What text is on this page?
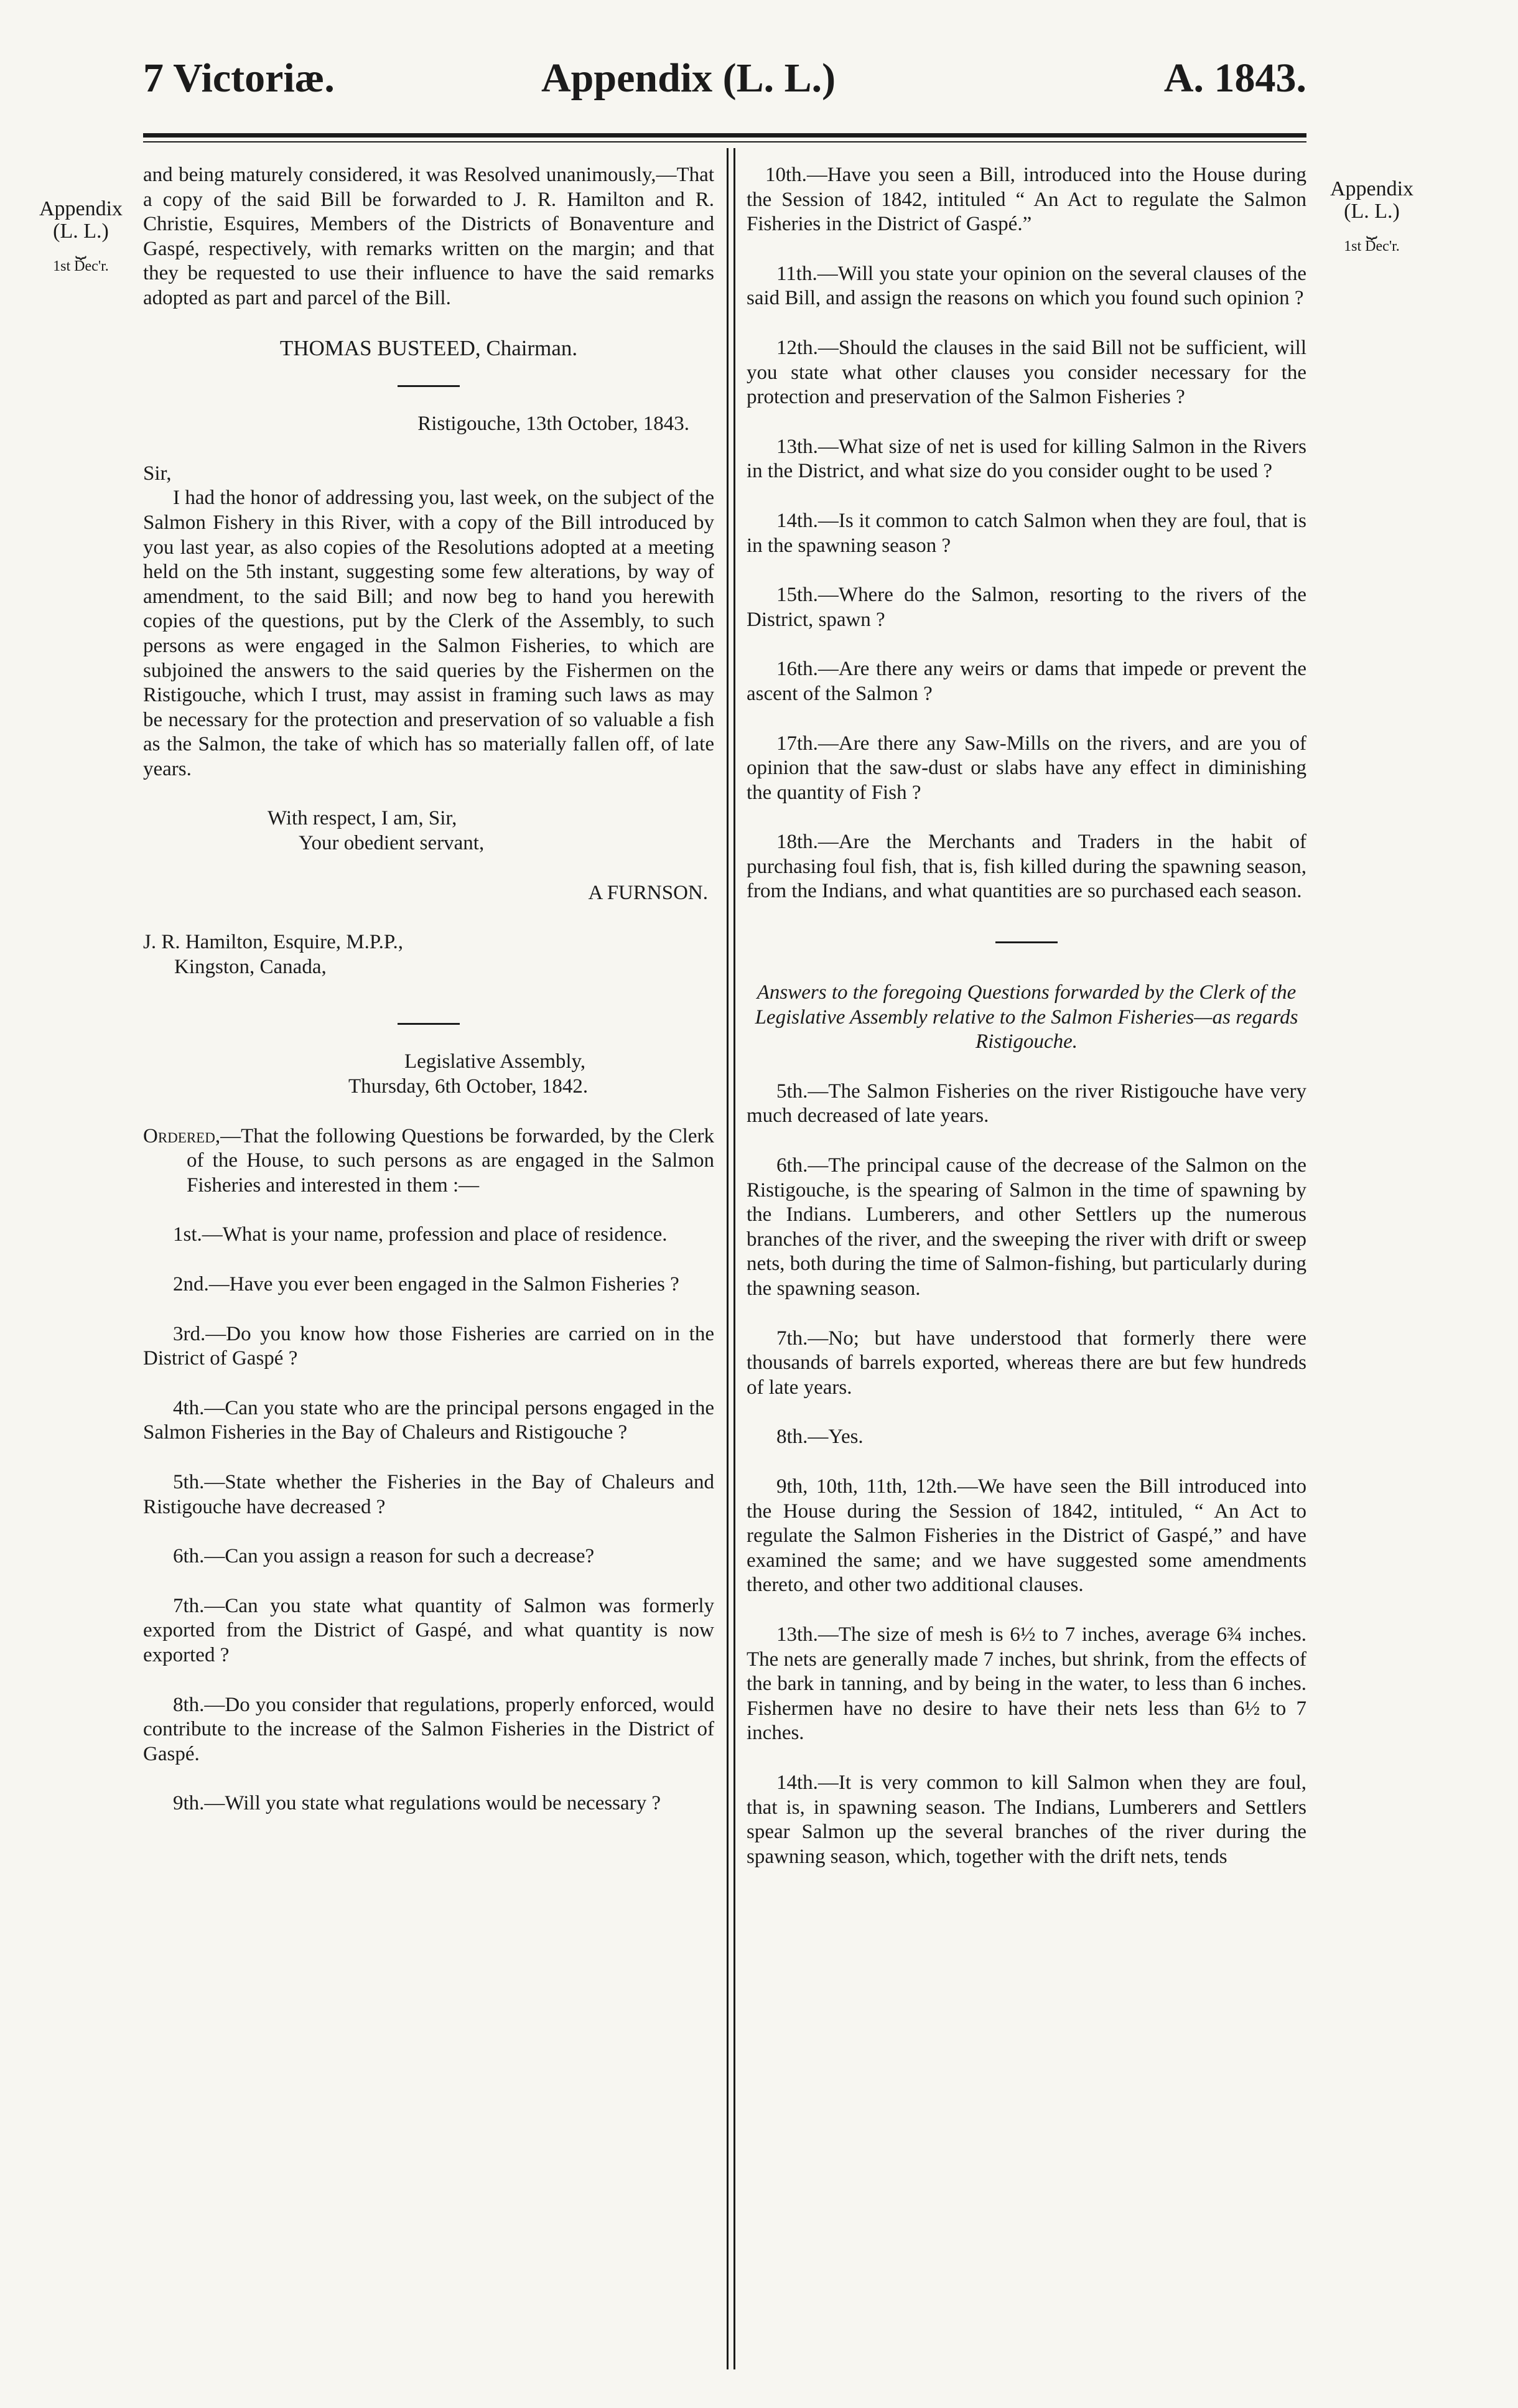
7 Victoriæ.	Appendix (L. L.)	A. 1843.
Appendix
(L. L.)
⏟
1st Dec'r.
Appendix
(L. L.)
⏟
1st Dec'r.

and being maturely considered, it was Resolved unanimously,—That a copy of the said Bill be forwarded to J. R. Hamilton and R. Christie, Esquires, Members of the Districts of Bonaventure and Gaspé, respectively, with remarks written on the margin; and that they be requested to use their influence to have the said remarks adopted as part and parcel of the Bill.

THOMAS BUSTEED, Chairman.

Ristigouche, 13th October, 1843.

Sir,

I had the honor of addressing you, last week, on the subject of the Salmon Fishery in this River, with a copy of the Bill introduced by you last year, as also copies of the Resolutions adopted at a meeting held on the 5th instant, suggesting some few alterations, by way of amendment, to the said Bill; and now beg to hand you herewith copies of the questions, put by the Clerk of the Assembly, to such persons as were engaged in the Salmon Fisheries, to which are subjoined the answers to the said queries by the Fishermen on the Ristigouche, which I trust, may assist in framing such laws as may be necessary for the protection and preservation of so valuable a fish as the Salmon, the take of which has so materially fallen off, of late years.

With respect, I am, Sir,

Your obedient servant,

A FURNSON.

J. R. Hamilton, Esquire, M.P.P.,

Kingston, Canada,

Legislative Assembly,

Thursday, 6th October, 1842.

Ordered,—That the following Questions be forwarded, by the Clerk of the House, to such persons as are engaged in the Salmon Fisheries and interested in them :—

1st.—What is your name, profession and place of residence.

2nd.—Have you ever been engaged in the Salmon Fisheries ?

3rd.—Do you know how those Fisheries are carried on in the District of Gaspé ?

4th.—Can you state who are the principal persons engaged in the Salmon Fisheries in the Bay of Chaleurs and Ristigouche ?

5th.—State whether the Fisheries in the Bay of Chaleurs and Ristigouche have decreased ?

6th.—Can you assign a reason for such a decrease?

7th.—Can you state what quantity of Salmon was formerly exported from the District of Gaspé, and what quantity is now exported ?

8th.—Do you consider that regulations, properly enforced, would contribute to the increase of the Salmon Fisheries in the District of Gaspé.

9th.—Will you state what regulations would be necessary ?

10th.—Have you seen a Bill, introduced into the House during the Session of 1842, intituled “ An Act to regulate the Salmon Fisheries in the District of Gaspé.”

11th.—Will you state your opinion on the several clauses of the said Bill, and assign the reasons on which you found such opinion ?

12th.—Should the clauses in the said Bill not be sufficient, will you state what other clauses you consider necessary for the protection and preservation of the Salmon Fisheries ?

13th.—What size of net is used for killing Salmon in the Rivers in the District, and what size do you consider ought to be used ?

14th.—Is it common to catch Salmon when they are foul, that is in the spawning season ?

15th.—Where do the Salmon, resorting to the rivers of the District, spawn ?

16th.—Are there any weirs or dams that impede or prevent the ascent of the Salmon ?

17th.—Are there any Saw-Mills on the rivers, and are you of opinion that the saw-dust or slabs have any effect in diminishing the quantity of Fish ?

18th.—Are the Merchants and Traders in the habit of purchasing foul fish, that is, fish killed during the spawning season, from the Indians, and what quantities are so purchased each season.

Answers to the foregoing Questions forwarded by the Clerk of the Legislative Assembly relative to the Salmon Fisheries—as regards Ristigouche.

5th.—The Salmon Fisheries on the river Ristigouche have very much decreased of late years.

6th.—The principal cause of the decrease of the Salmon on the Ristigouche, is the spearing of Salmon in the time of spawning by the Indians. Lumberers, and other Settlers up the numerous branches of the river, and the sweeping the river with drift or sweep nets, both during the time of Salmon-fishing, but particularly during the spawning season.

7th.—No; but have understood that formerly there were thousands of barrels exported, whereas there are but few hundreds of late years.

8th.—Yes.

9th, 10th, 11th, 12th.—We have seen the Bill introduced into the House during the Session of 1842, intituled, “ An Act to regulate the Salmon Fisheries in the District of Gaspé,” and have examined the same; and we have suggested some amendments thereto, and other two additional clauses.

13th.—The size of mesh is 6½ to 7 inches, average 6¾ inches. The nets are generally made 7 inches, but shrink, from the effects of the bark in tanning, and by being in the water, to less than 6 inches. Fishermen have no desire to have their nets less than 6½ to 7 inches.

14th.—It is very common to kill Salmon when they are foul, that is, in spawning season. The Indians, Lumberers and Settlers spear Salmon up the several branches of the river during the spawning season, which, together with the drift nets, tends
